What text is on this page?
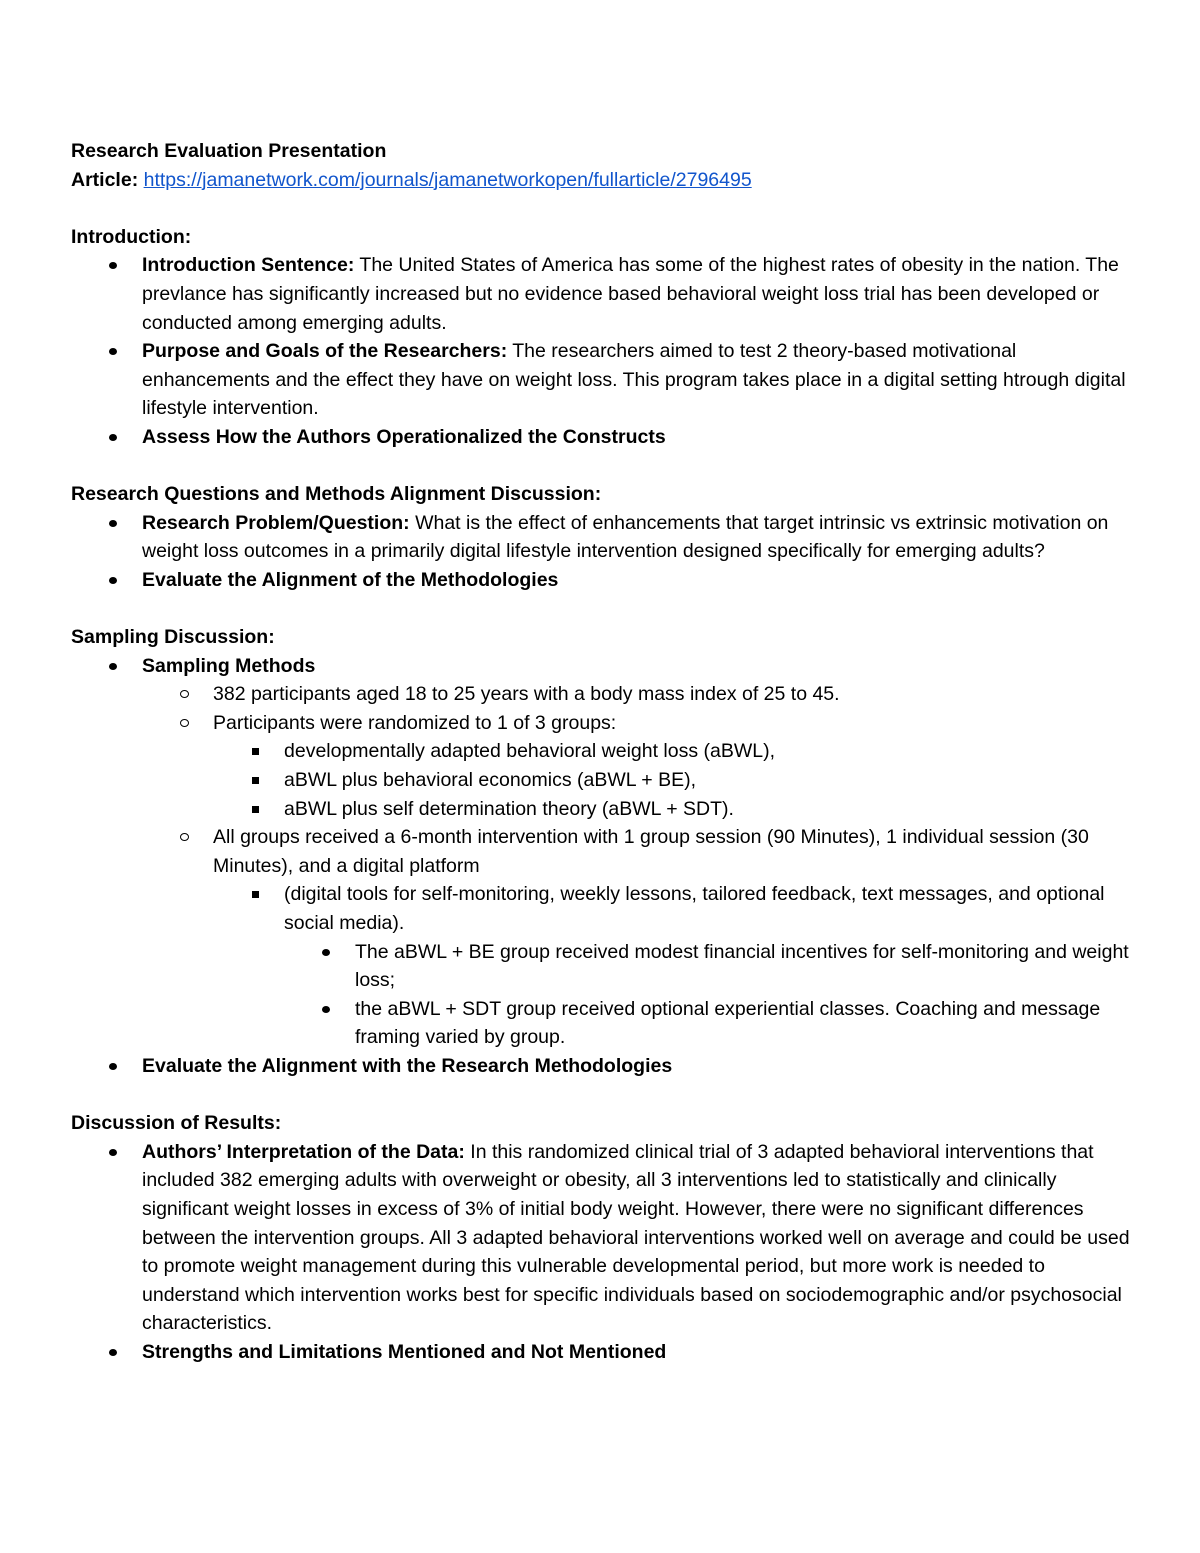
Research Evaluation Presentation
Article: https://jamanetwork.com/journals/jamanetworkopen/fullarticle/2796495
Introduction:
Introduction Sentence: The United States of America has some of the highest rates of obesity in the nation. The prevlance has significantly increased but no evidence based behavioral weight loss trial has been developed or conducted among emerging adults.
Purpose and Goals of the Researchers: The researchers aimed to test 2 theory-based motivational enhancements and the effect they have on weight loss. This program takes place in a digital setting htrough digital lifestyle intervention.
Assess How the Authors Operationalized the Constructs
Research Questions and Methods Alignment Discussion:
Research Problem/Question: What is the effect of enhancements that target intrinsic vs extrinsic motivation on weight loss outcomes in a primarily digital lifestyle intervention designed specifically for emerging adults?
Evaluate the Alignment of the Methodologies
Sampling Discussion:
Sampling Methods
382 participants aged 18 to 25 years with a body mass index of 25 to 45.
Participants were randomized to 1 of 3 groups:
developmentally adapted behavioral weight loss (aBWL),
aBWL plus behavioral economics (aBWL + BE),
aBWL plus self determination theory (aBWL + SDT).
All groups received a 6-month intervention with 1 group session (90 Minutes), 1 individual session (30 Minutes), and a digital platform
(digital tools for self-monitoring, weekly lessons, tailored feedback, text messages, and optional social media).
The aBWL + BE group received modest financial incentives for self-monitoring and weight loss;
the aBWL + SDT group received optional experiential classes. Coaching and message framing varied by group.
Evaluate the Alignment with the Research Methodologies
Discussion of Results:
Authors’ Interpretation of the Data: In this randomized clinical trial of 3 adapted behavioral interventions that included 382 emerging adults with overweight or obesity, all 3 interventions led to statistically and clinically significant weight losses in excess of 3% of initial body weight. However, there were no significant differences between the intervention groups. All 3 adapted behavioral interventions worked well on average and could be used to promote weight management during this vulnerable developmental period, but more work is needed to understand which intervention works best for specific individuals based on sociodemographic and/or psychosocial characteristics.
Strengths and Limitations Mentioned and Not Mentioned
